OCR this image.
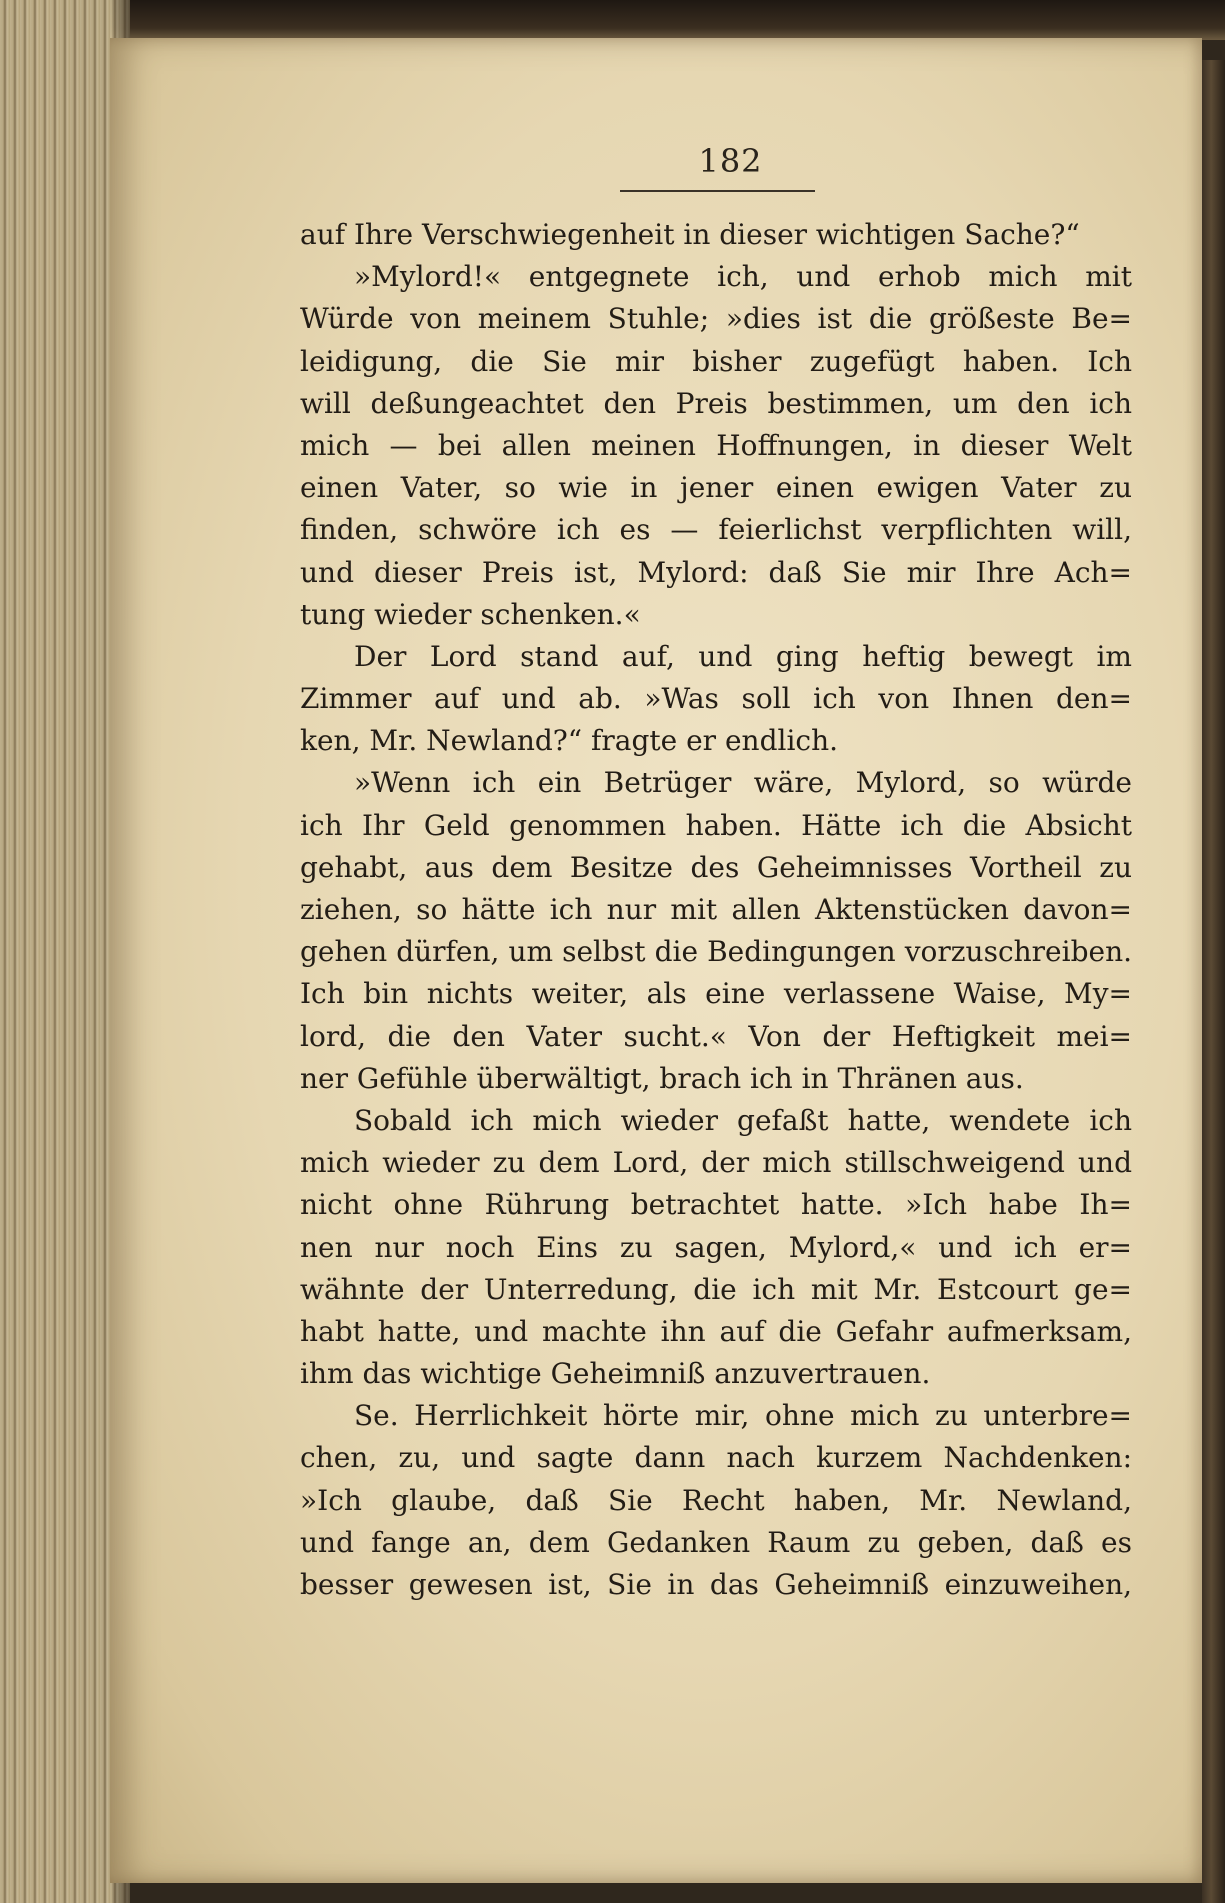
182
auf Ihre Verschwiegenheit in dieser wichtigen Sache?“
»Mylord!« entgegnete ich, und erhob mich mit
Würde von meinem Stuhle; »dies ist die größeste Be=
leidigung, die Sie mir bisher zugefügt haben. Ich
will deßungeachtet den Preis bestimmen, um den ich
mich — bei allen meinen Hoffnungen, in dieser Welt
einen Vater, so wie in jener einen ewigen Vater zu
finden, schwöre ich es — feierlichst verpflichten will,
und dieser Preis ist, Mylord: daß Sie mir Ihre Ach=
tung wieder schenken.«
Der Lord stand auf, und ging heftig bewegt im
Zimmer auf und ab. »Was soll ich von Ihnen den=
ken, Mr. Newland?“ fragte er endlich.
»Wenn ich ein Betrüger wäre, Mylord, so würde
ich Ihr Geld genommen haben. Hätte ich die Absicht
gehabt, aus dem Besitze des Geheimnisses Vortheil zu
ziehen, so hätte ich nur mit allen Aktenstücken davon=
gehen dürfen, um selbst die Bedingungen vorzuschreiben.
Ich bin nichts weiter, als eine verlassene Waise, My=
lord, die den Vater sucht.« Von der Heftigkeit mei=
ner Gefühle überwältigt, brach ich in Thränen aus.
Sobald ich mich wieder gefaßt hatte, wendete ich
mich wieder zu dem Lord, der mich stillschweigend und
nicht ohne Rührung betrachtet hatte. »Ich habe Ih=
nen nur noch Eins zu sagen, Mylord,« und ich er=
wähnte der Unterredung, die ich mit Mr. Estcourt ge=
habt hatte, und machte ihn auf die Gefahr aufmerksam,
ihm das wichtige Geheimniß anzuvertrauen.
Se. Herrlichkeit hörte mir, ohne mich zu unterbre=
chen, zu, und sagte dann nach kurzem Nachdenken:
»Ich glaube, daß Sie Recht haben, Mr. Newland,
und fange an, dem Gedanken Raum zu geben, daß es
besser gewesen ist, Sie in das Geheimniß einzuweihen,
